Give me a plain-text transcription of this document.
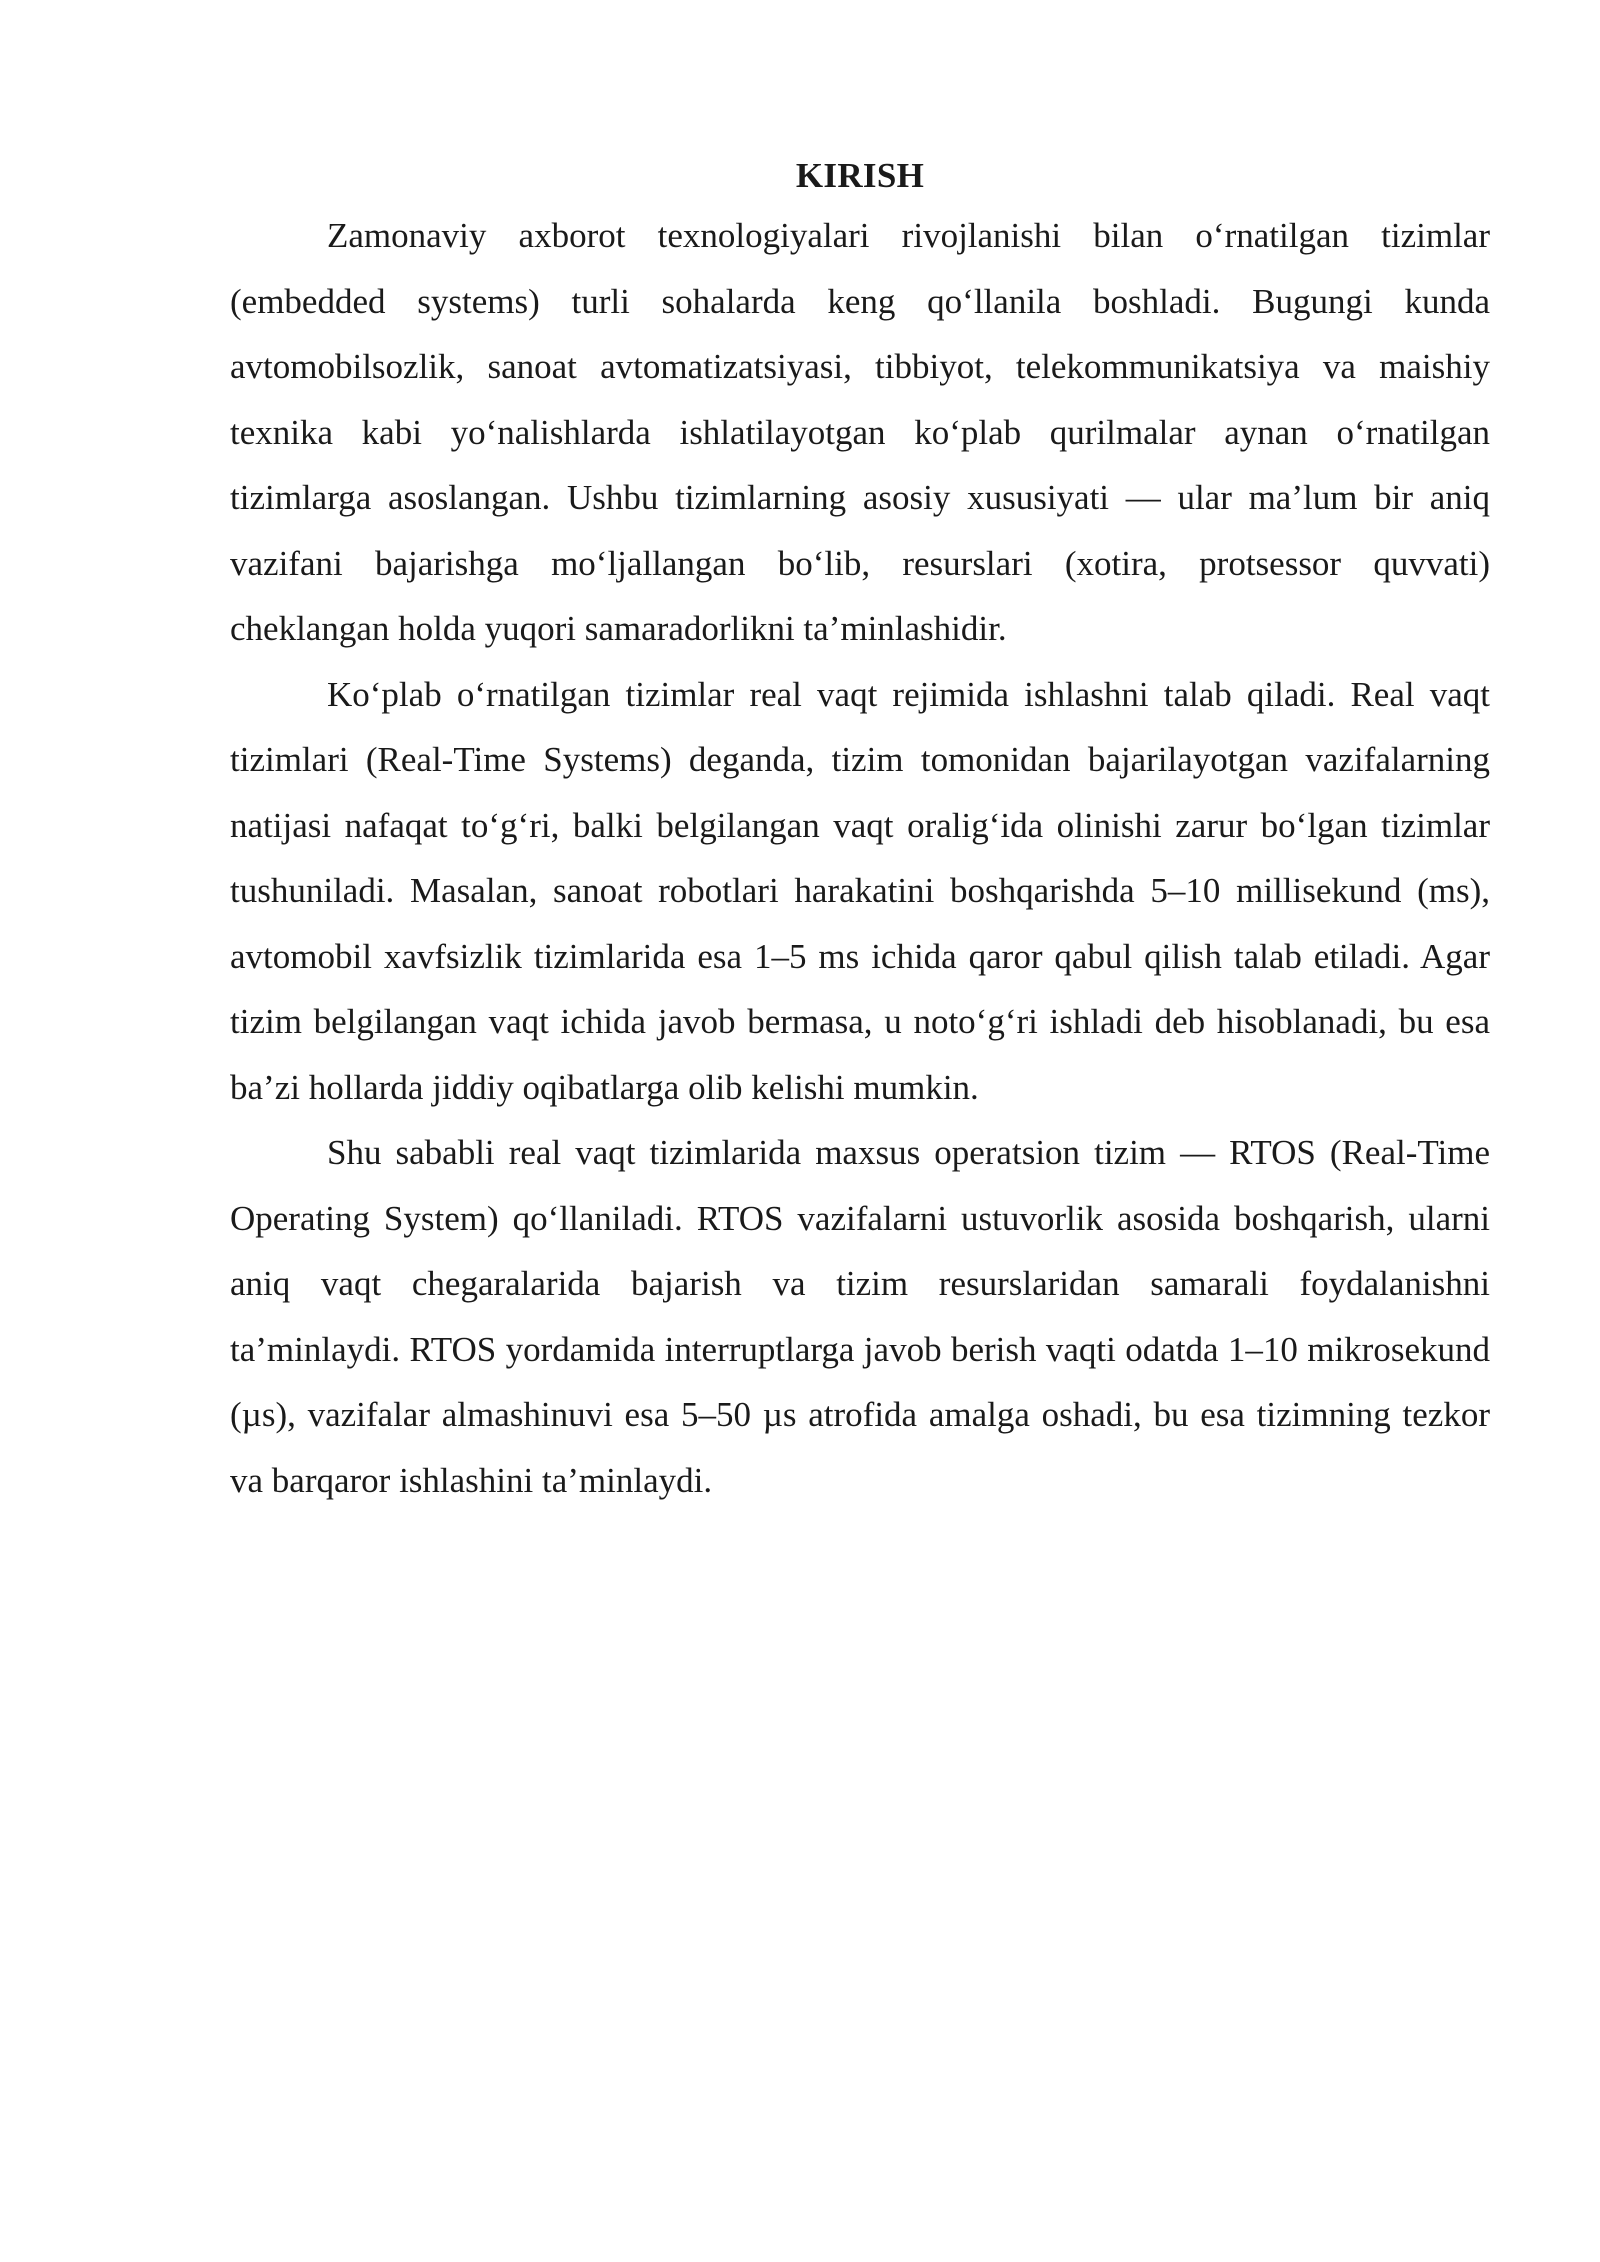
KIRISH

Zamonaviy axborot texnologiyalari rivojlanishi bilan o‘rnatilgan tizimlar (embedded systems) turli sohalarda keng qo‘llanila boshladi. Bugungi kunda avtomobilsozlik, sanoat avtomatizatsiyasi, tibbiyot, telekommunikatsiya va maishiy texnika kabi yo‘nalishlarda ishlatilayotgan ko‘plab qurilmalar aynan o‘rnatilgan tizimlarga asoslangan. Ushbu tizimlarning asosiy xususiyati — ular ma’lum bir aniq vazifani bajarishga mo‘ljallangan bo‘lib, resurslari (xotira, protsessor quvvati) cheklangan holda yuqori samaradorlikni ta’minlashidir.

Ko‘plab o‘rnatilgan tizimlar real vaqt rejimida ishlashni talab qiladi. Real vaqt tizimlari (Real-Time Systems) deganda, tizim tomonidan bajarilayotgan vazifalarning natijasi nafaqat to‘g‘ri, balki belgilangan vaqt oralig‘ida olinishi zarur bo‘lgan tizimlar tushuniladi. Masalan, sanoat robotlari harakatini boshqarishda 5–10 millisekund (ms), avtomobil xavfsizlik tizimlarida esa 1–5 ms ichida qaror qabul qilish talab etiladi. Agar tizim belgilangan vaqt ichida javob bermasa, u noto‘g‘ri ishladi deb hisoblanadi, bu esa ba’zi hollarda jiddiy oqibatlarga olib kelishi mumkin.

Shu sababli real vaqt tizimlarida maxsus operatsion tizim — RTOS (Real-Time Operating System) qo‘llaniladi. RTOS vazifalarni ustuvorlik asosida boshqarish, ularni aniq vaqt chegaralarida bajarish va tizim resurslaridan samarali foydalanishni ta’minlaydi. RTOS yordamida interruptlarga javob berish vaqti odatda 1–10 mikrosekund (µs), vazifalar almashinuvi esa 5–50 µs atrofida amalga oshadi, bu esa tizimning tezkor va barqaror ishlashini ta’minlaydi.
